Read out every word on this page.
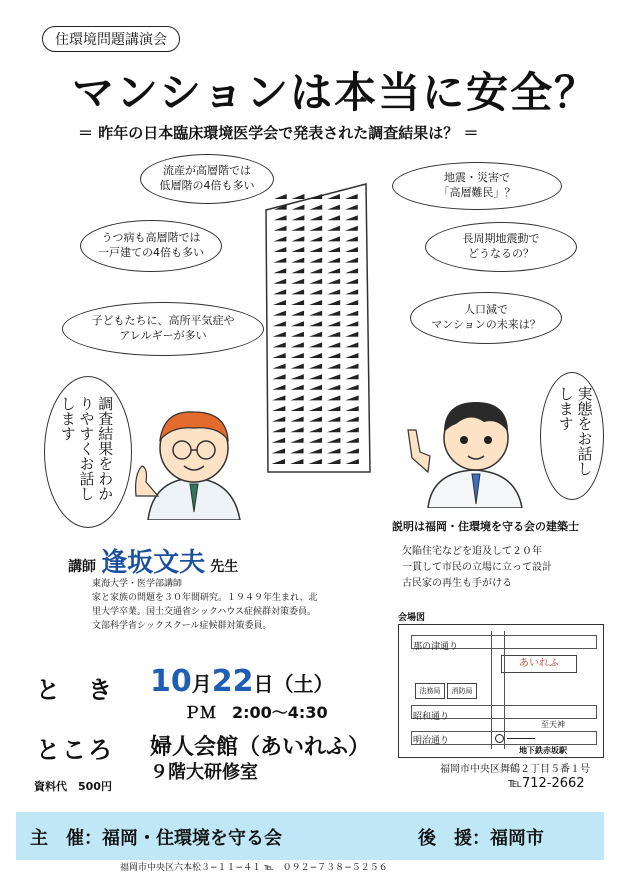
住環境問題講演会
マンションは本当に安全？
＝ 昨年の日本臨床環境医学会で発表された調査結果は？ ＝
流産が高層階では
低層階の4倍も多い
うつ病も高層階では
一戸建ての4倍も多い
子どもたちに、高所平気症や
アレルギーが多い
地震・災害で
「高層難民」？
長周期地震動で
どうなるの？
人口減で
マンションの未来は？
調査結果をわかりやすくお話しします	実態をお話しします
講師 逢坂文夫 先生
東海大学・医学部講師
家と家族の問題を３０年間研究。１９４９年生まれ、北
里大学卒業。国土交通省シックハウス症候群対策委員。
文部科学省シックスクール症候群対策委員。
説明は福岡・住環境を守る会の建築士
欠陥住宅などを追及して２０年
一貫して市民の立場に立って設計
古民家の再生も手がける
と　き 10月22日（土）
ＰＭ　2:00〜4:30
ところ 婦人会館（あいれふ）
９階大研修室
資料代　500円
会場図
那の津通り
あいれふ
法務局	消防局
昭和通り
明治通り
至天神
地下鉄赤坂駅
福岡市中央区舞鶴２丁目５番１号
℡712-2662
主　催：福岡・住環境を守る会	後　援：福岡市
福岡市中央区六本松３−１１−４１ ℡　０９２−７３８−５２５６
